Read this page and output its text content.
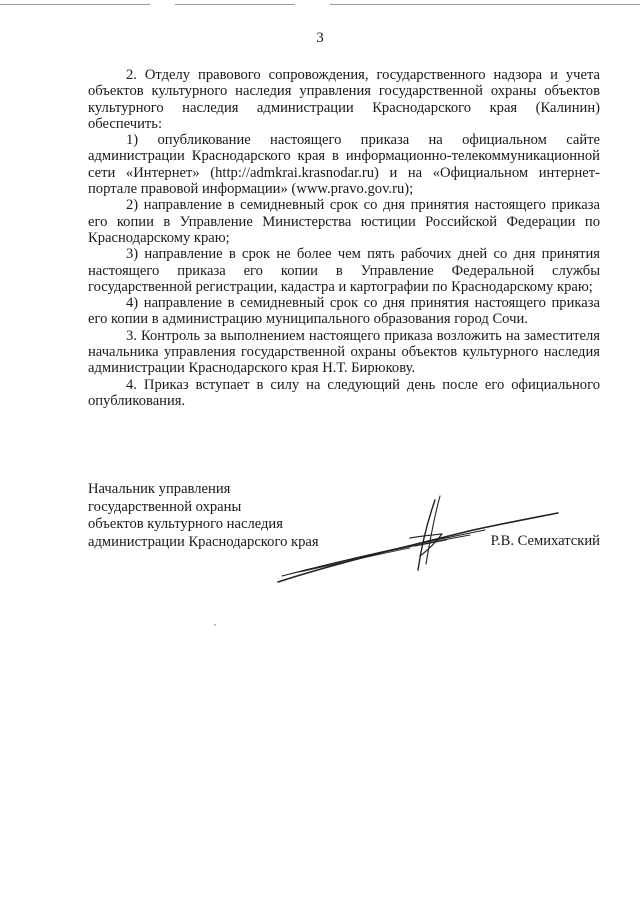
3

2. Отделу правового сопровождения, государственного надзора и учета объектов культурного наследия управления государственной охраны объектов культурного наследия администрации Краснодарского края (Калинин) обеспечить:

1) опубликование настоящего приказа на официальном сайте администрации Краснодарского края в информационно-телекоммуникационной сети «Интернет» (http://admkrai.krasnodar.ru) и на «Официальном интернет-портале правовой информации» (www.pravo.gov.ru);

2) направление в семидневный срок со дня принятия настоящего приказа его копии в Управление Министерства юстиции Российской Федерации по Краснодарскому краю;

3) направление в срок не более чем пять рабочих дней со дня принятия настоящего приказа его копии в Управление Федеральной службы государственной регистрации, кадастра и картографии по Краснодарскому краю;

4) направление в семидневный срок со дня принятия настоящего приказа его копии в администрацию муниципального образования город Сочи.

3. Контроль за выполнением настоящего приказа возложить на заместителя начальника управления государственной охраны объектов культурного наследия администрации Краснодарского края Н.Т. Бирюкову.

4. Приказ вступает в силу на следующий день после его официального опубликования.

Начальник управления
государственной охраны
объектов культурного наследия
администрации Краснодарского края	Р.В. Семихатский
